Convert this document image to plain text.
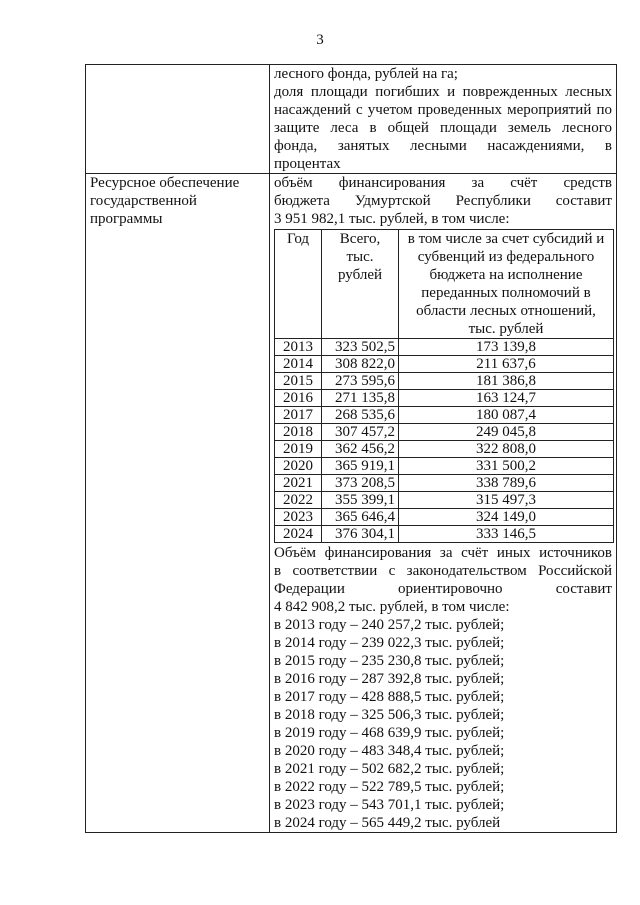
3

лесного фонда, рублей на га;
доля площади погибших и поврежденных лесных
насаждений с учетом проведенных мероприятий по
защите леса в общей площади земель лесного
фонда, занятых лесными насаждениями, в
процентах

Ресурсное обеспечение
государственной
программы

объём финансирования за счёт средств
бюджета Удмуртской Республики составит
3 951 982,1 тыс. рублей, в том числе:
Год	Всего, тыс. рублей	в том числе за счет субсидий и субвенций из федерального бюджета на исполнение переданных полномочий в области лесных отношений, тыс. рублей
2013	323 502,5	173 139,8
2014	308 822,0	211 637,6
2015	273 595,6	181 386,8
2016	271 135,8	163 124,7
2017	268 535,6	180 087,4
2018	307 457,2	249 045,8
2019	362 456,2	322 808,0
2020	365 919,1	331 500,2
2021	373 208,5	338 789,6
2022	355 399,1	315 497,3
2023	365 646,4	324 149,0
2024	376 304,1	333 146,5
Объём финансирования за счёт иных источников
в соответствии с законодательством Российской
Федерации ориентировочно составит
4 842 908,2 тыс. рублей, в том числе:
в 2013 году – 240 257,2 тыс. рублей;
в 2014 году – 239 022,3 тыс. рублей;
в 2015 году – 235 230,8 тыс. рублей;
в 2016 году – 287 392,8 тыс. рублей;
в 2017 году – 428 888,5 тыс. рублей;
в 2018 году – 325 506,3 тыс. рублей;
в 2019 году – 468 639,9 тыс. рублей;
в 2020 году – 483 348,4 тыс. рублей;
в 2021 году – 502 682,2 тыс. рублей;
в 2022 году – 522 789,5 тыс. рублей;
в 2023 году – 543 701,1 тыс. рублей;
в 2024 году – 565 449,2 тыс. рублей
